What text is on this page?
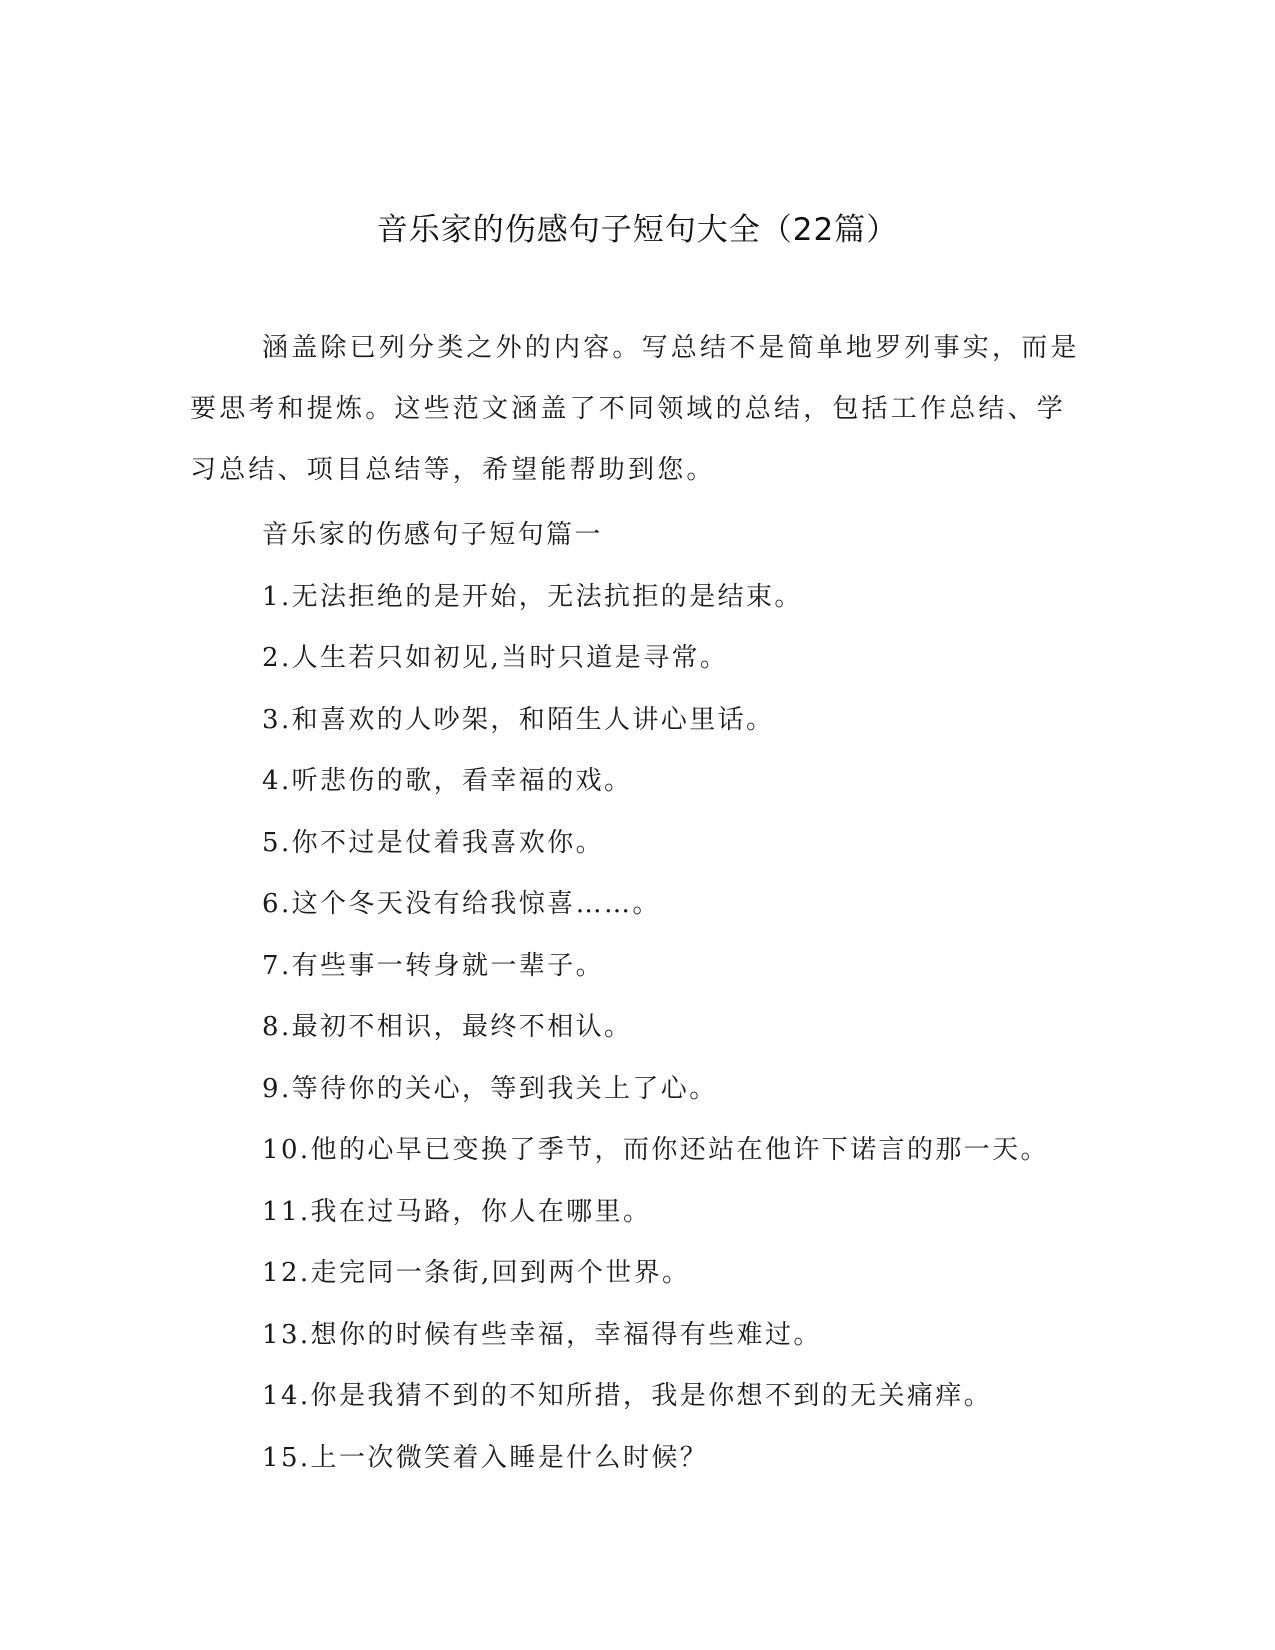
音乐家的伤感句子短句大全（22篇）

涵盖除已列分类之外的内容。写总结不是简单地罗列事实，而是要思考和提炼。这些范文涵盖了不同领域的总结，包括工作总结、学习总结、项目总结等，希望能帮助到您。

音乐家的伤感句子短句篇一
1.无法拒绝的是开始，无法抗拒的是结束。
2.人生若只如初见,当时只道是寻常。
3.和喜欢的人吵架，和陌生人讲心里话。
4.听悲伤的歌，看幸福的戏。
5.你不过是仗着我喜欢你。
6.这个冬天没有给我惊喜……。
7.有些事一转身就一辈子。
8.最初不相识，最终不相认。
9.等待你的关心，等到我关上了心。
10.他的心早已变换了季节，而你还站在他许下诺言的那一天。
11.我在过马路，你人在哪里。
12.走完同一条街,回到两个世界。
13.想你的时候有些幸福，幸福得有些难过。
14.你是我猜不到的不知所措，我是你想不到的无关痛痒。
15.上一次微笑着入睡是什么时候？
